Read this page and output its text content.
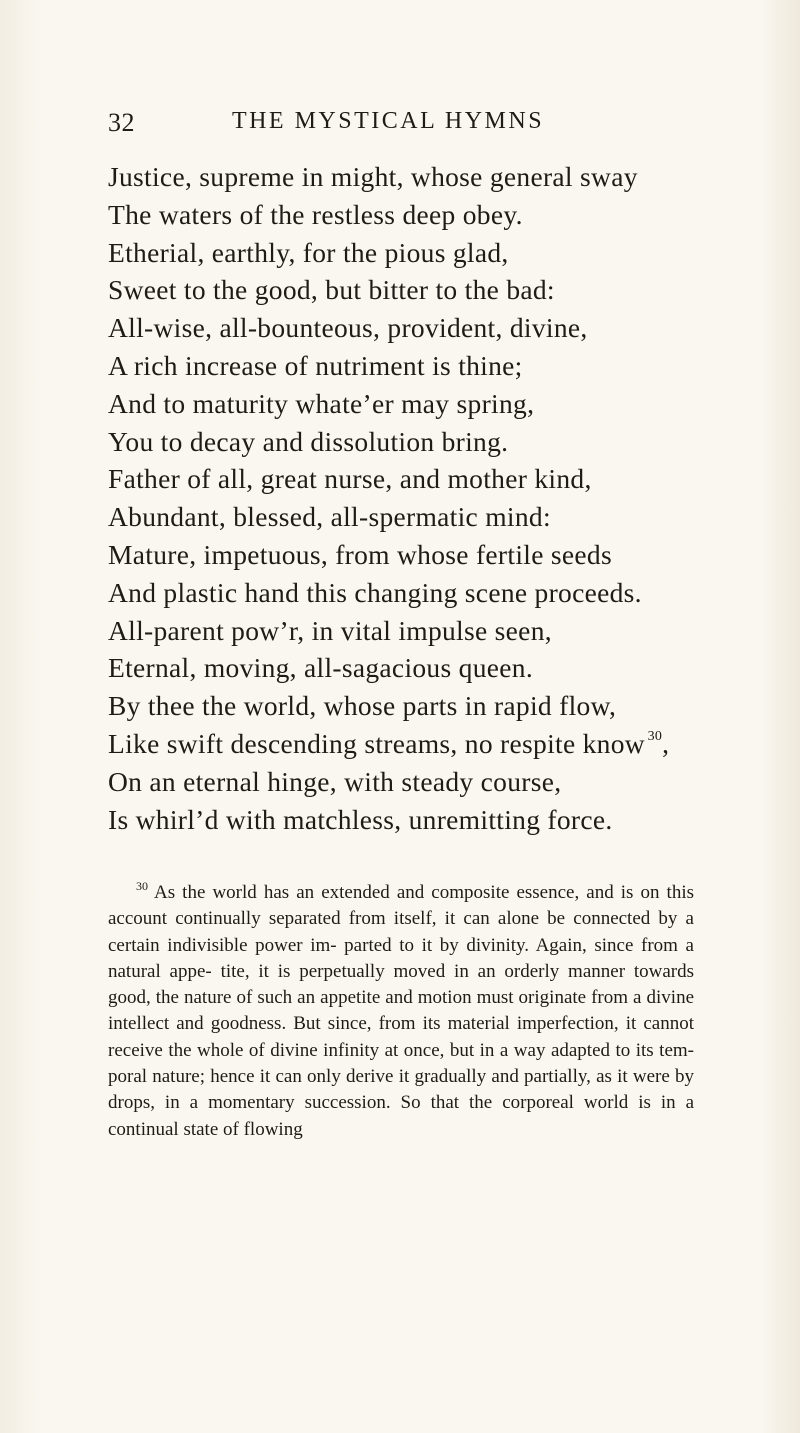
32	THE MYSTICAL HYMNS
Justice, supreme in might, whose general sway
The waters of the restless deep obey.
Etherial, earthly, for the pious glad,
Sweet to the good, but bitter to the bad:
All-wise, all-bounteous, provident, divine,
A rich increase of nutriment is thine;
And to maturity whate’er may spring,
You to decay and dissolution bring.
Father of all, great nurse, and mother kind,
Abundant, blessed, all-spermatic mind:
Mature, impetuous, from whose fertile seeds
And plastic hand this changing scene proceeds.
All-parent pow’r, in vital impulse seen,
Eternal, moving, all-sagacious queen.
By thee the world, whose parts in rapid flow,
Like swift descending streams, no respite know  $^{30}$,
On an eternal hinge, with steady course,
Is whirl’d with matchless, unremitting force.

$^{30}$ As the world has an extended and composite essence, and is on this account continually separated from itself, it can alone be connected by a certain indivisible power im- parted to it by divinity. Again, since from a natural appe- tite, it is perpetually moved in an orderly manner towards good, the nature of such an appetite and motion must originate from a divine intellect and goodness. But since, from its material imperfection, it cannot receive the whole of divine infinity at once, but in a way adapted to its tem- poral nature; hence it can only derive it gradually and partially, as it were by drops, in a momentary succession. So that the corporeal world is in a continual state of flowing
